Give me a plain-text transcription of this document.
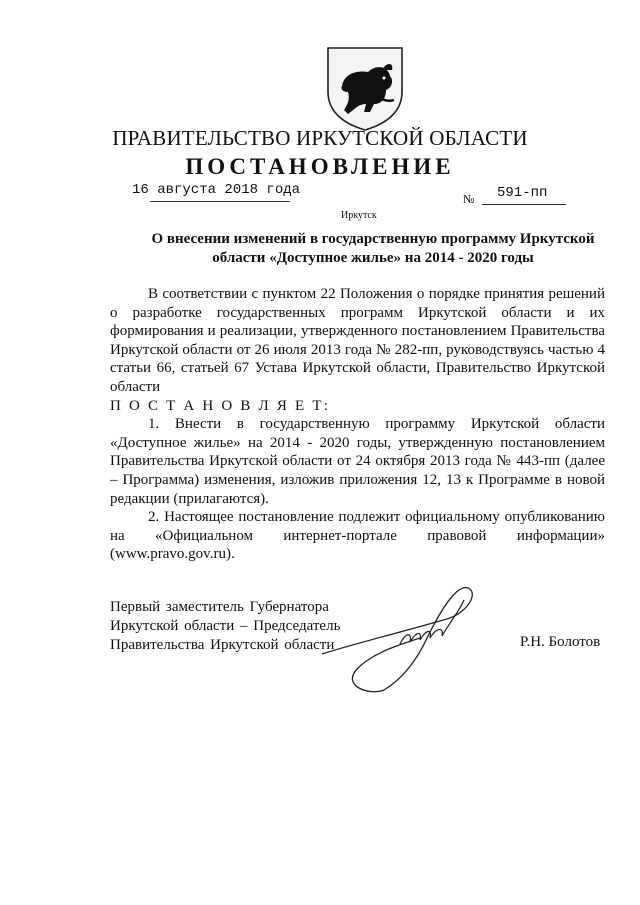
ПРАВИТЕЛЬСТВО ИРКУТСКОЙ ОБЛАСТИ
ПОСТАНОВЛЕНИЕ
16 августа 2018 года
№ 591-пп
Иркутск
О внесении изменений в государственную программу Иркутской
области «Доступное жилье» на 2014 - 2020 годы

В соответствии с пунктом 22 Положения о порядке принятия решений о разработке государственных программ Иркутской области и их формирования и реализации, утвержденного постановлением Правительства Иркутской области от 26 июля 2013 года № 282-пп, руководствуясь частью 4 статьи 66, статьей 67 Устава Иркутской области, Правительство Иркутской области

П О С Т А Н О В Л Я Е Т:

1. Внести в государственную программу Иркутской области «Доступное жилье» на 2014 - 2020 годы, утвержденную постановлением Правительства Иркутской области от 24 октября 2013 года № 443-пп (далее – Программа) изменения, изложив приложения 12, 13 к Программе в новой редакции (прилагаются).

2. Настоящее постановление подлежит официальному опубликованию на «Официальном интернет-портале правовой информации» (www.pravo.gov.ru).

Первый заместитель Губернатора
Иркутской области – Председатель
Правительства Иркутской области	Р.Н. Болотов
